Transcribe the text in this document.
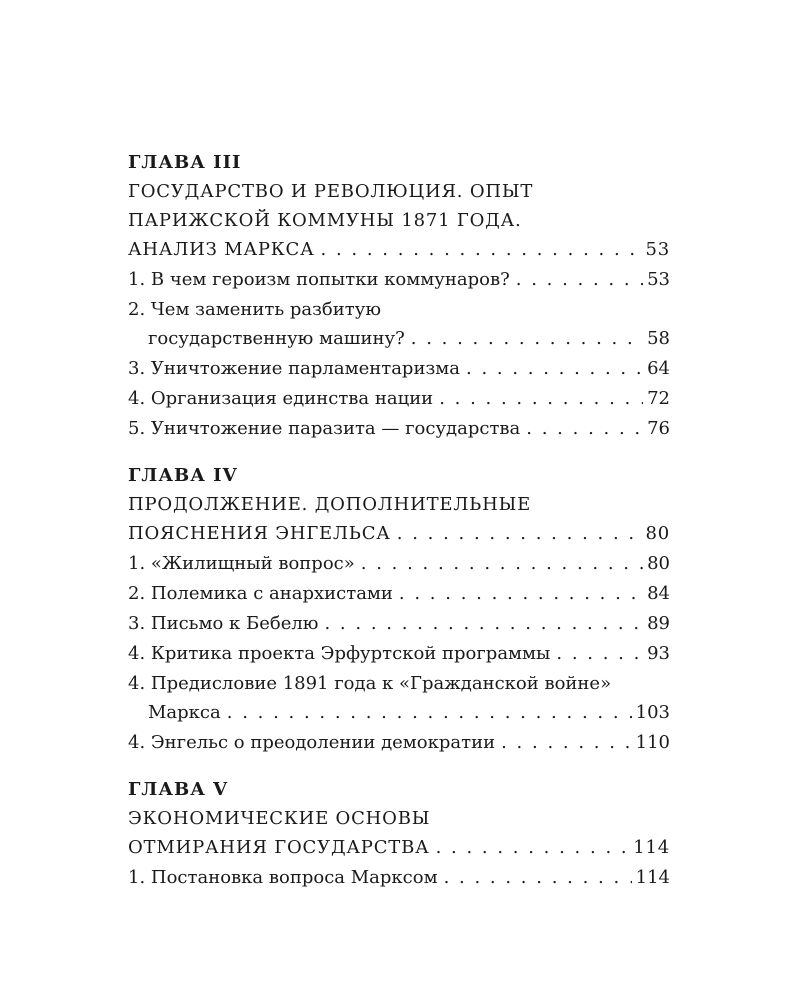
ГЛАВА III
ГОСУДАРСТВО И РЕВОЛЮЦИЯ. ОПЫТ
ПАРИЖСКОЙ КОММУНЫ 1871 ГОДА.
АНАЛИЗ МАРКСА . . .	53
1. В чем героизм попытки коммунаров? . . .	53
2. Чем заменить разбитую
государственную машину? . . .	58
3. Уничтожение парламентаризма . . .	64
4. Организация единства нации . . .	72
5. Уничтожение паразита — государства . . .	76
ГЛАВА IV
ПРОДОЛЖЕНИЕ. ДОПОЛНИТЕЛЬНЫЕ
ПОЯСНЕНИЯ ЭНГЕЛЬСА . . .	80
1. «Жилищный вопрос» . . .	80
2. Полемика с анархистами . . .	84
3. Письмо к Бебелю . . .	89
4. Критика проекта Эрфуртской программы . . .	93
4. Предисловие 1891 года к «Гражданской войне»
Маркса . . .	103
4. Энгельс о преодолении демократии . . .	110
ГЛАВА V
ЭКОНОМИЧЕСКИЕ ОСНОВЫ
ОТМИРАНИЯ ГОСУДАРСТВА . . .	114
1. Постановка вопроса Марксом . . .	114
